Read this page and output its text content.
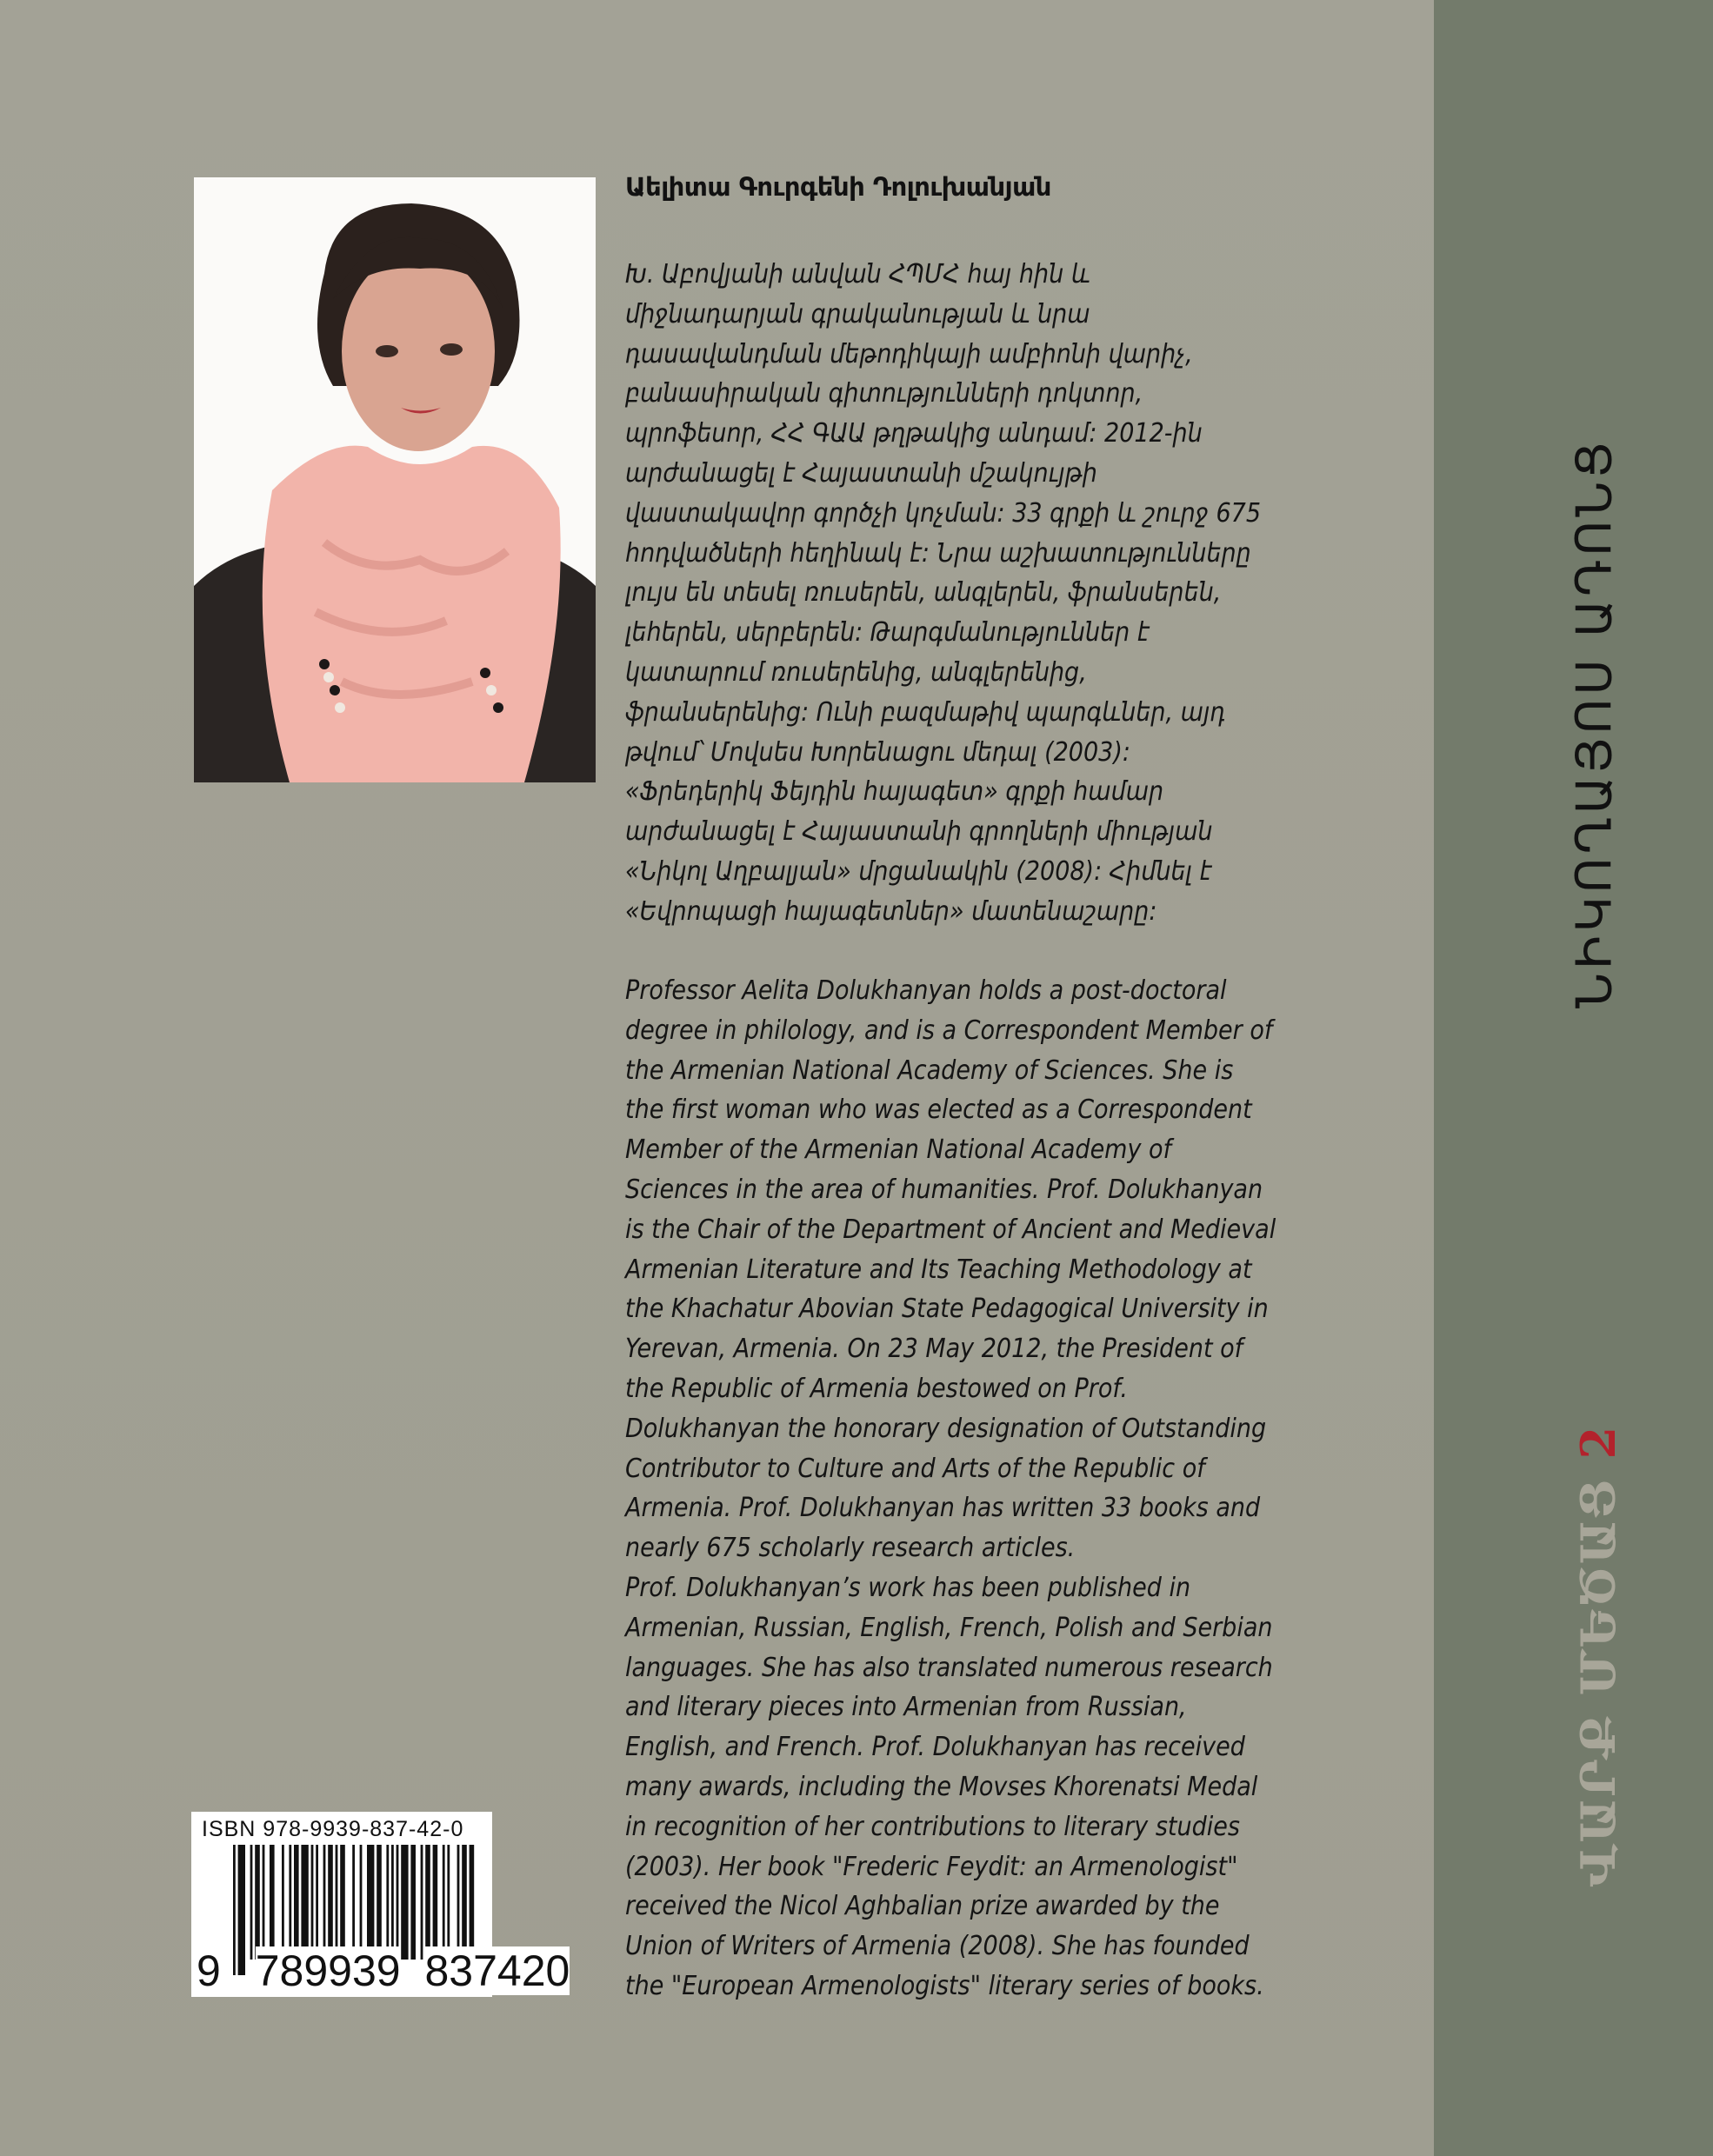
Աելիտա Գուրգենի Դոլուխանյան
Խ. Աբովյանի անվան ՀՊՄՀ հայ հին և
միջնադարյան գրականության և նրա
դասավանդման մեթոդիկայի ամբիոնի վարիչ,
բանասիրական գիտությունների դոկտոր,
պրոֆեսոր, ՀՀ ԳԱԱ թղթակից անդամ: 2012-ին
արժանացել է Հայաստանի մշակույթի
վաստակավոր գործչի կոչման: 33 գրքի և շուրջ 675
հոդվածների հեղինակ է: Նրա աշխատությունները
լույս են տեսել ռուսերեն, անգլերեն, ֆրանսերեն,
լեհերեն, սերբերեն: Թարգմանություններ է
կատարում ռուսերենից, անգլերենից,
ֆրանսերենից: Ունի բազմաթիվ պարգևներ, այդ
թվում՝ Մովսես Խորենացու մեդալ (2003):
«Ֆրեդերիկ Ֆեյդին հայագետ» գրքի համար
արժանացել է Հայաստանի գրողների միության
«Նիկոլ Աղբալյան» մրցանակին (2008): Հիմնել է
«Եվրոպացի հայագետներ» մատենաշարը:
Professor Aelita Dolukhanyan holds a post-doctoral
degree in philology, and is a Correspondent Member of
the Armenian National Academy of Sciences. She is
the first woman who was elected as a Correspondent
Member of the Armenian National Academy of
Sciences in the area of humanities. Prof. Dolukhanyan
is the Chair of the Department of Ancient and Medieval
Armenian Literature and Its Teaching Methodology at
the Khachatur Abovian State Pedagogical University in
Yerevan, Armenia. On 23 May 2012, the President of
the Republic of Armenia bestowed on Prof.
Dolukhanyan the honorary designation of Outstanding
Contributor to Culture and Arts of the Republic of
Armenia. Prof. Dolukhanyan has written 33 books and
nearly 675 scholarly research articles.
Prof. Dolukhanyan’s work has been published in
Armenian, Russian, English, French, Polish and Serbian
languages. She has also translated numerous research
and literary pieces into Armenian from Russian,
English, and French. Prof. Dolukhanyan has received
many awards, including the Movses Khorenatsi Medal
in recognition of her contributions to literary studies
(2003). Her book "Frederic Feydit: an Armenologist"
received the Nicol Aghbalian prize awarded by the
Union of Writers of Armenia (2008). She has founded
the "European Armenologists" literary series of books.
ISBN 978-9939-837-42-0
9 789939 837420
ՆԻԿՈՂԱՅՈՍ ԱԴՈՆՑ
ՎԱՐՔ ՄԵԾԱՑ 2
